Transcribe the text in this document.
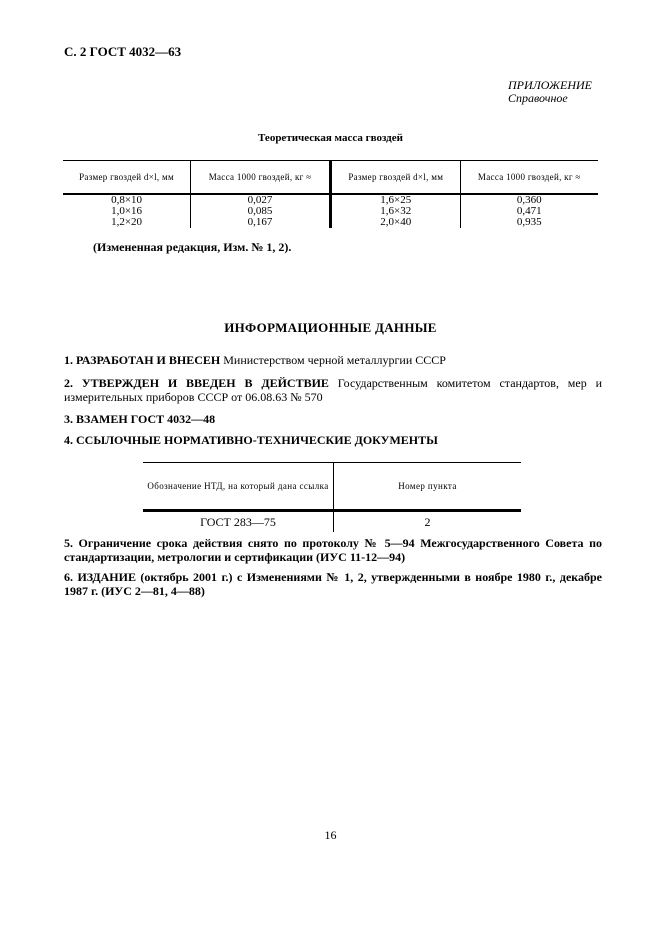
С. 2 ГОСТ 4032—63
ПРИЛОЖЕНИЕ
Справочное
Теоретическая масса гвоздей
Размер гвоздей d×l, мм	Масса 1000 гвоздей, кг ≈	Размер гвоздей d×l, мм	Масса 1000 гвоздей, кг ≈
0,8×10	0,027	1,6×25	0,360
1,0×16	0,085	1,6×32	0,471
1,2×20	0,167	2,0×40	0,935
(Измененная редакция, Изм. № 1, 2).
ИНФОРМАЦИОННЫЕ ДАННЫЕ
1. РАЗРАБОТАН И ВНЕСЕН Министерством черной металлургии СССР
2. УТВЕРЖДЕН И ВВЕДЕН В ДЕЙСТВИЕ Государственным комитетом стандартов, мер и измерительных приборов СССР от 06.08.63 № 570
3. ВЗАМЕН ГОСТ 4032—48
4. ССЫЛОЧНЫЕ НОРМАТИВНО-ТЕХНИЧЕСКИЕ ДОКУМЕНТЫ
Обозначение НТД, на который дана ссылка	Номер пункта
ГОСТ 283—75	2
5. Ограничение срока действия снято по протоколу № 5—94 Межгосударственного Совета по стандартизации, метрологии и сертификации (ИУС 11-12—94)
6. ИЗДАНИЕ (октябрь 2001 г.) с Изменениями № 1, 2, утвержденными в ноябре 1980 г., декабре 1987 г. (ИУС 2—81, 4—88)
16
